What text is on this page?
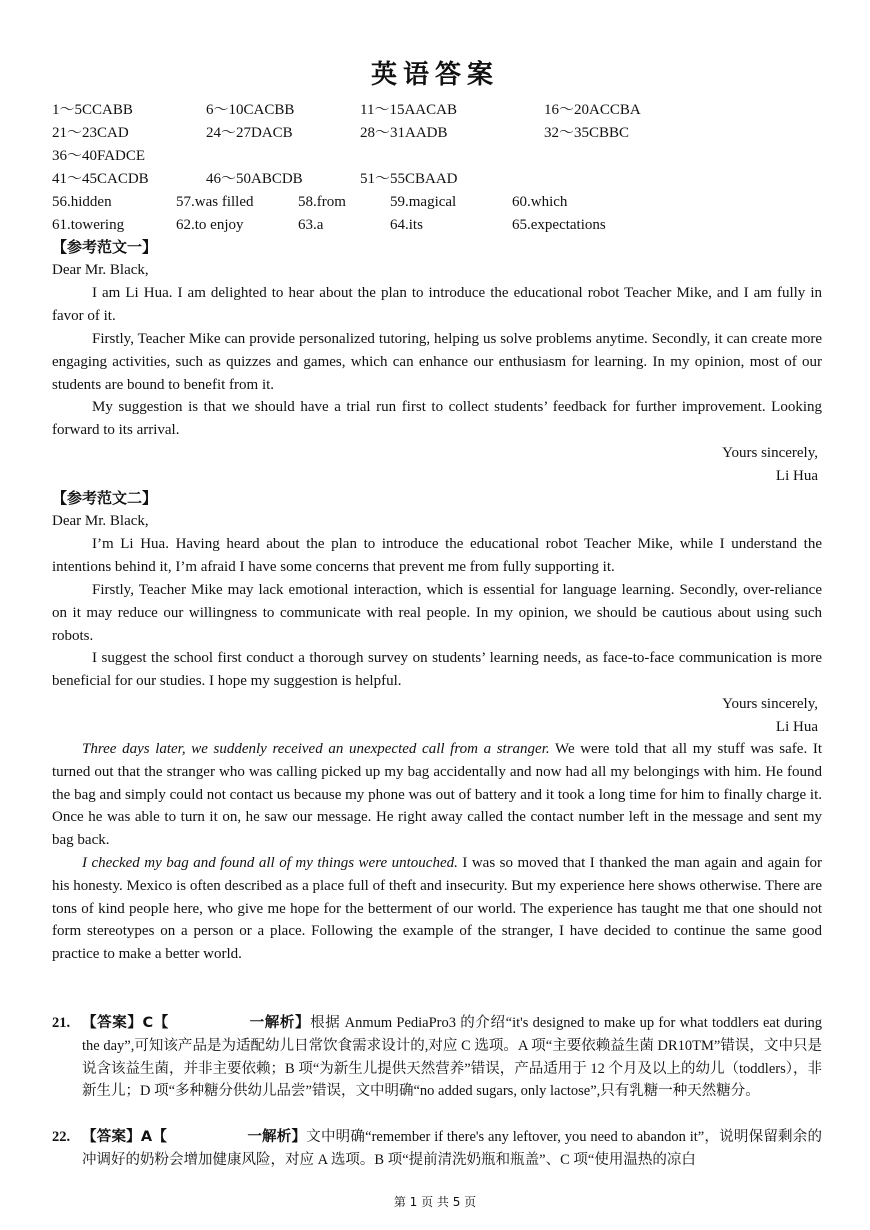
英语答案
1～5CCABB	6～10CACBB	11～15AACAB	16～20ACCBA
21～23CAD	24～27DACB	28～31AADB	32～35CBBC
36～40FADCE
41～45CACDB	46～50ABCDB	51～55CBAAD
56.hidden	57.was filled	58.from	59.magical	60.which
61.towering	62.to enjoy	63.a	64.its	65.expectations
【参考范文一】
Dear Mr. Black,
I am Li Hua. I am delighted to hear about the plan to introduce the educational robot Teacher Mike, and I am fully in favor of it.
Firstly, Teacher Mike can provide personalized tutoring, helping us solve problems anytime. Secondly, it can create more engaging activities, such as quizzes and games, which can enhance our enthusiasm for learning. In my opinion, most of our students are bound to benefit from it.
My suggestion is that we should have a trial run first to collect students’ feedback for further improvement. Looking forward to its arrival.
Yours sincerely,
Li Hua
【参考范文二】
Dear Mr. Black,
I’m Li Hua. Having heard about the plan to introduce the educational robot Teacher Mike, while I understand the intentions behind it, I’m afraid I have some concerns that prevent me from fully supporting it.
Firstly, Teacher Mike may lack emotional interaction, which is essential for language learning. Secondly, over-reliance on it may reduce our willingness to communicate with real people. In my opinion, we should be cautious about using such robots.
I suggest the school first conduct a thorough survey on students’ learning needs, as face-to-face communication is more beneficial for our studies. I hope my suggestion is helpful.
Yours sincerely,
Li Hua
Three days later, we suddenly received an unexpected call from a stranger. We were told that all my stuff was safe. It turned out that the stranger who was calling picked up my bag accidentally and now had all my belongings with him. He found the bag and simply could not contact us because my phone was out of battery and it took a long time for him to finally charge it. Once he was able to turn it on, he saw our message. He right away called the contact number left in the message and sent my bag back.
I checked my bag and found all of my things were untouched. I was so moved that I thanked the man again and again for his honesty. Mexico is often described as a place full of theft and insecurity. But my experience here shows otherwise. There are tons of kind people here, who give me hope for the betterment of our world. The experience has taught me that one should not form stereotypes on a person or a place. Following the example of the stranger, I have decided to continue the same good practice to make a better world.
21. 【答案】C【	一解析】根据 Anmum PediaPro3 的介绍“it's designed to make up for what toddlers eat during the day”,可知该产品是为适配幼儿日常饮食需求设计的,对应 C 选项。A 项“主要依赖益生菌 DR10TM”错误，文中只是说含该益生菌，并非主要依赖；B 项“为新生儿提供天然营养”错误，产品适用于 12 个月及以上的幼儿（toddlers），非新生儿；D 项“多种糖分供幼儿品尝”错误，文中明确“no added sugars, only lactose”,只有乳糖一种天然糖分。
22. 【答案】A【	一解析】文中明确“remember if there's any leftover, you need to abandon it”，说明保留剩余的冲调好的奶粉会增加健康风险，对应 A 选项。B 项“提前清洗奶瓶和瓶盖”、C 项“使用温热的凉白
第 1 页 共 5 页
